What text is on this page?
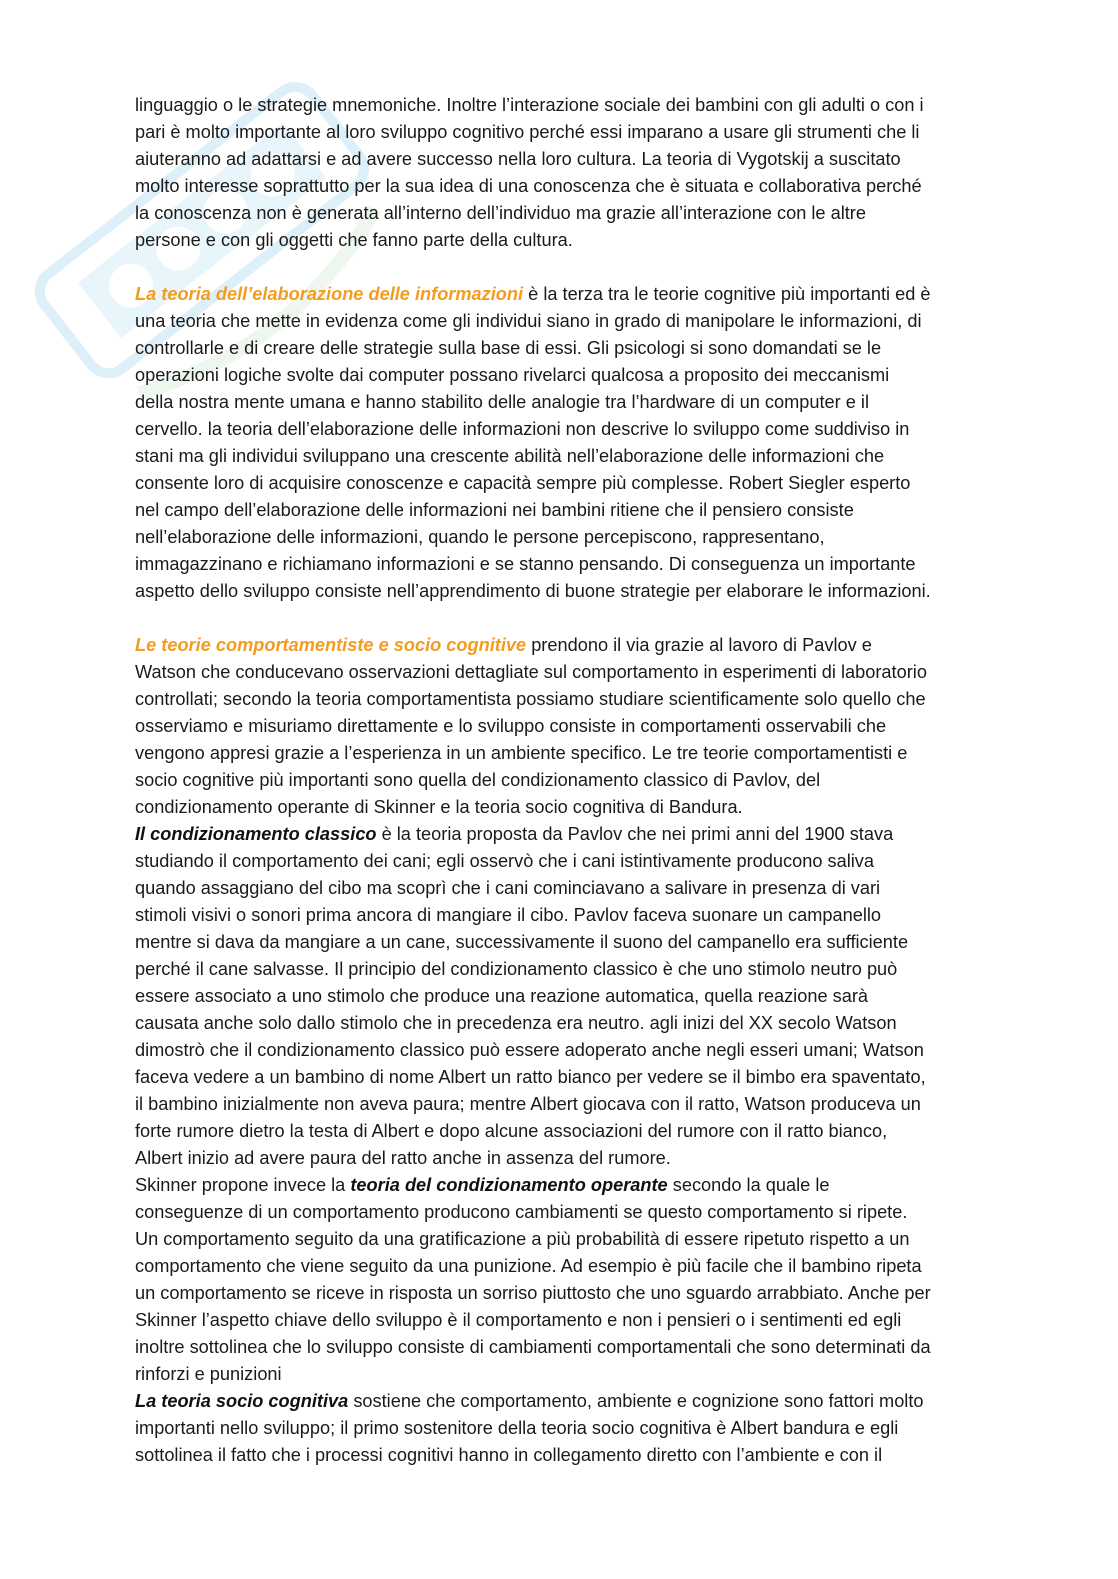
linguaggio o le strategie mnemoniche. Inoltre l’interazione sociale dei bambini con gli adulti o con i
pari è molto importante al loro sviluppo cognitivo perché essi imparano a usare gli strumenti che li
aiuteranno ad adattarsi e ad avere successo nella loro cultura. La teoria di Vygotskij a suscitato
molto interesse soprattutto per la sua idea di una conoscenza che è situata e collaborativa perché
la conoscenza non è generata all’interno dell’individuo ma grazie all’interazione con le altre
persone e con gli oggetti che fanno parte della cultura.

La teoria dell’elaborazione delle informazioni è la terza tra le teorie cognitive più importanti ed è
una teoria che mette in evidenza come gli individui siano in grado di manipolare le informazioni, di
controllarle e di creare delle strategie sulla base di essi. Gli psicologi si sono domandati se le
operazioni logiche svolte dai computer possano rivelarci qualcosa a proposito dei meccanismi
della nostra mente umana e hanno stabilito delle analogie tra l’hardware di un computer e il
cervello. la teoria dell’elaborazione delle informazioni non descrive lo sviluppo come suddiviso in
stani ma gli individui sviluppano una crescente abilità nell’elaborazione delle informazioni che
consente loro di acquisire conoscenze e capacità sempre più complesse. Robert Siegler esperto
nel campo dell’elaborazione delle informazioni nei bambini ritiene che il pensiero consiste
nell’elaborazione delle informazioni, quando le persone percepiscono, rappresentano,
immagazzinano e richiamano informazioni e se stanno pensando. Di conseguenza un importante
aspetto dello sviluppo consiste nell’apprendimento di buone strategie per elaborare le informazioni.

Le teorie comportamentiste e socio cognitive prendono il via grazie al lavoro di Pavlov e
Watson che conducevano osservazioni dettagliate sul comportamento in esperimenti di laboratorio
controllati; secondo la teoria comportamentista possiamo studiare scientificamente solo quello che
osserviamo e misuriamo direttamente e lo sviluppo consiste in comportamenti osservabili che
vengono appresi grazie a l’esperienza in un ambiente specifico. Le tre teorie comportamentisti e
socio cognitive più importanti sono quella del condizionamento classico di Pavlov, del
condizionamento operante di Skinner e la teoria socio cognitiva di Bandura.

Il condizionamento classico è la teoria proposta da Pavlov che nei primi anni del 1900 stava
studiando il comportamento dei cani; egli osservò che i cani istintivamente producono saliva
quando assaggiano del cibo ma scoprì che i cani cominciavano a salivare in presenza di vari
stimoli visivi o sonori prima ancora di mangiare il cibo. Pavlov faceva suonare un campanello
mentre si dava da mangiare a un cane, successivamente il suono del campanello era sufficiente
perché il cane salvasse. Il principio del condizionamento classico è che uno stimolo neutro può
essere associato a uno stimolo che produce una reazione automatica, quella reazione sarà
causata anche solo dallo stimolo che in precedenza era neutro. agli inizi del XX secolo Watson
dimostrò che il condizionamento classico può essere adoperato anche negli esseri umani; Watson
faceva vedere a un bambino di nome Albert un ratto bianco per vedere se il bimbo era spaventato,
il bambino inizialmente non aveva paura; mentre Albert giocava con il ratto, Watson produceva un
forte rumore dietro la testa di Albert e dopo alcune associazioni del rumore con il ratto bianco,
Albert inizio ad avere paura del ratto anche in assenza del rumore.

Skinner propone invece la teoria del condizionamento operante secondo la quale le
conseguenze di un comportamento producono cambiamenti se questo comportamento si ripete.
Un comportamento seguito da una gratificazione a più probabilità di essere ripetuto rispetto a un
comportamento che viene seguito da una punizione. Ad esempio è più facile che il bambino ripeta
un comportamento se riceve in risposta un sorriso piuttosto che uno sguardo arrabbiato. Anche per
Skinner l’aspetto chiave dello sviluppo è il comportamento e non i pensieri o i sentimenti ed egli
inoltre sottolinea che lo sviluppo consiste di cambiamenti comportamentali che sono determinati da
rinforzi e punizioni

La teoria socio cognitiva sostiene che comportamento, ambiente e cognizione sono fattori molto
importanti nello sviluppo; il primo sostenitore della teoria socio cognitiva è Albert bandura e egli
sottolinea il fatto che i processi cognitivi hanno in collegamento diretto con l’ambiente e con il
